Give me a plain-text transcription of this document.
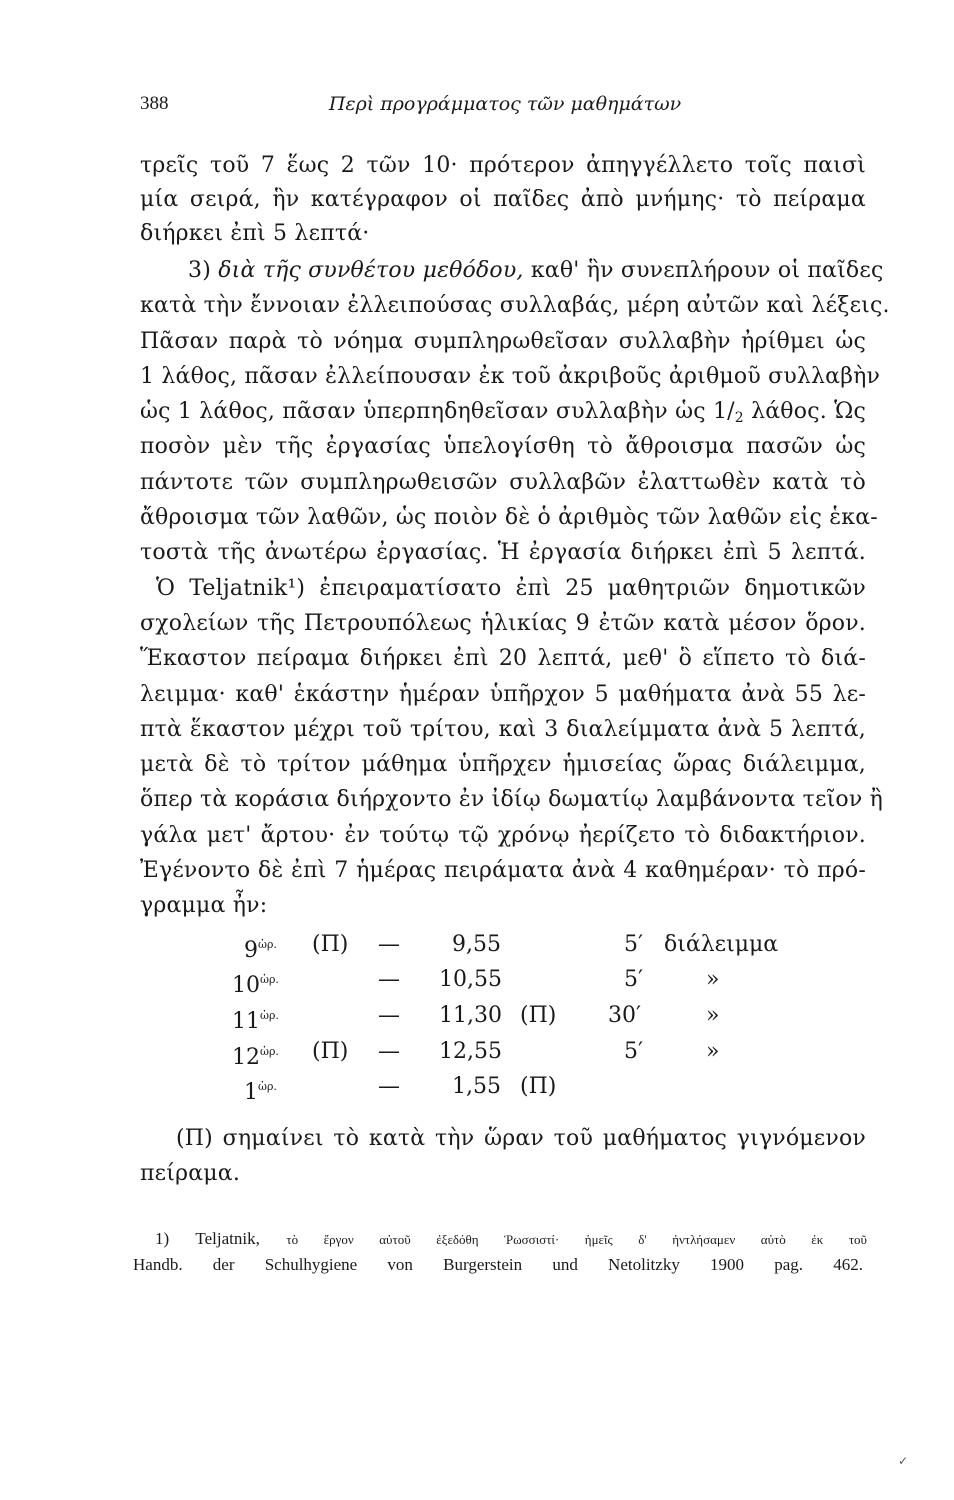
388	Περὶ προγράμματος τῶν μαθημάτων
τρεῖς τοῦ 7 ἕως 2 τῶν 10· πρότερον ἀπηγγέλλετο τοῖς παισὶ
μία σειρά, ἣν κατέγραφον οἱ παῖδες ἀπὸ μνήμης· τὸ πείραμα
διήρκει ἐπὶ 5 λεπτά·
3) διὰ τῆς συνθέτου μεθόδου, καθ' ἣν συνεπλήρουν οἱ παῖδες
κατὰ τὴν ἔννοιαν ἐλλειπούσας συλλαβάς, μέρη αὐτῶν καὶ λέξεις.
Πᾶσαν παρὰ τὸ νόημα συμπληρωθεῖσαν συλλαβὴν ἠρίθμει ὡς
1 λάθος, πᾶσαν ἐλλείπουσαν ἐκ τοῦ ἀκριβοῦς ἀριθμοῦ συλλαβὴν
ὡς 1 λάθος, πᾶσαν ὑπερπηδηθεῖσαν συλλαβὴν ὡς 1/2 λάθος. Ὡς
ποσὸν μὲν τῆς ἐργασίας ὑπελογίσθη τὸ ἄθροισμα πασῶν ὡς
πάντοτε τῶν συμπληρωθεισῶν συλλαβῶν ἐλαττωθὲν κατὰ τὸ
ἄθροισμα τῶν λαθῶν, ὡς ποιὸν δὲ ὁ ἀριθμὸς τῶν λαθῶν εἰς ἑκα-
τοστὰ τῆς ἀνωτέρω ἐργασίας. Ἡ ἐργασία διήρκει ἐπὶ 5 λεπτά.
Ὁ Teljatnik¹) ἐπειραματίσατο ἐπὶ 25 μαθητριῶν δημοτικῶν
σχολείων τῆς Πετρουπόλεως ἡλικίας 9 ἐτῶν κατὰ μέσον ὅρον.
Ἕκαστον πείραμα διήρκει ἐπὶ 20 λεπτά, μεθ' ὃ εἵπετο τὸ διά-
λειμμα· καθ' ἑκάστην ἡμέραν ὑπῆρχον 5 μαθήματα ἀνὰ 55 λε-
πτὰ ἕκαστον μέχρι τοῦ τρίτου, καὶ 3 διαλείμματα ἀνὰ 5 λεπτά,
μετὰ δὲ τὸ τρίτον μάθημα ὑπῆρχεν ἡμισείας ὥρας διάλειμμα,
ὅπερ τὰ κοράσια διήρχοντο ἐν ἰδίῳ δωματίῳ λαμβάνοντα τεῖον ἢ
γάλα μετ' ἄρτου· ἐν τούτῳ τῷ χρόνῳ ἠερίζετο τὸ διδακτήριον.
Ἐγένοντο δὲ ἐπὶ 7 ἡμέρας πειράματα ἀνὰ 4 καθημέραν· τὸ πρό-
γραμμα ἦν:
$9^{ὡ\rho.}$ (Π) — 9,55	5′ διάλειμμα
$10^{ὡ\rho.}$	— 10,55	5′	»
$11^{ὡ\rho.}$	— 11,30 (Π) 30′	»
$12^{ὡ\rho.}$ (Π) — 12,55	5′	»
$1^{ὡ\rho.}$	— 1,55 (Π)
(Π) σημαίνει τὸ κατὰ τὴν ὥραν τοῦ μαθήματος γιγνόμενον
πείραμα.
1) Teljatnik, τὸ ἔργον αὐτοῦ ἐξεδόθη Ῥωσσιστί· ἡμεῖς δ' ἠντλήσαμεν αὐτὸ ἐκ τοῦ
Handb. der Schulhygiene von Burgerstein und Netolitzky 1900 pag. 462.
✓
